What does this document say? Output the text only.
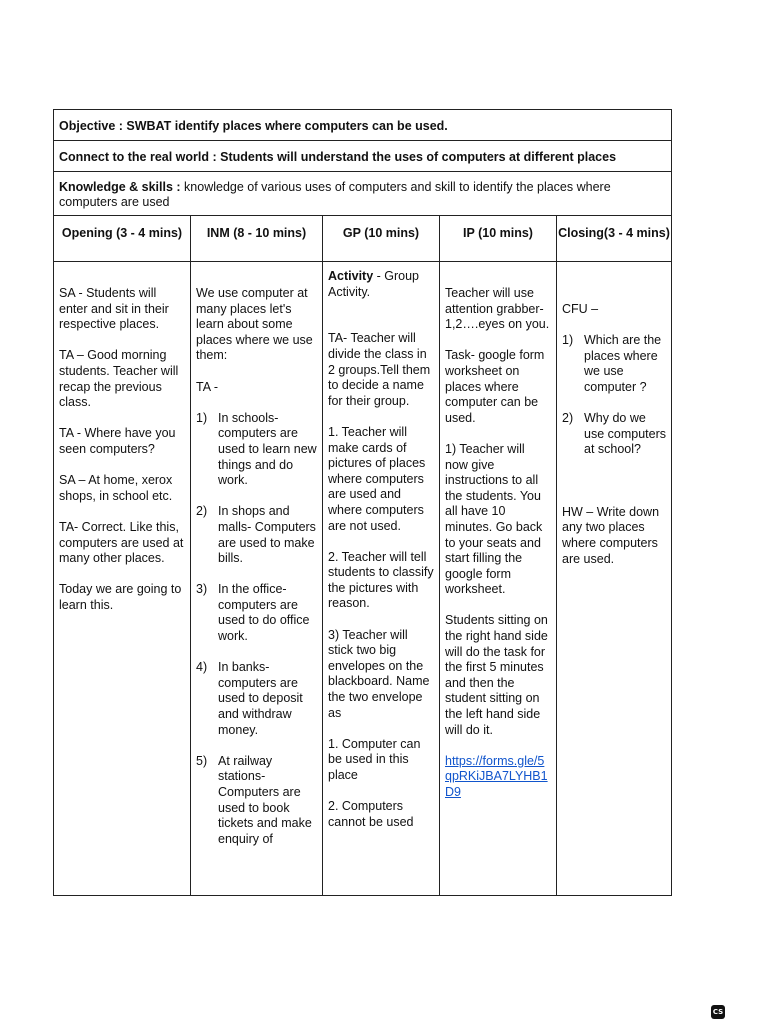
Objective : SWBAT identify places where computers can be used.
Connect to the real world : Students will understand the uses of computers at different places
Knowledge & skills : knowledge of various uses of computers and skill to identify the places where computers are used
Opening (3 - 4 mins)

SA - Students will enter and sit in their respective places.

TA – Good morning students. Teacher will recap the previous class.

TA - Where have you seen computers?

SA – At home, xerox shops, in school etc.

TA- Correct. Like this, computers are used at many other places.

Today we are going to learn this.

INM (8 - 10 mins)

We use computer at many places let's learn about some places where we use them:

TA -

1) In schools- computers are used to learn new things and do work.
2) In shops and malls- Computers are used to make bills.
3) In the office- computers are used to do office work.
4) In banks- computers are used to deposit and withdraw money.
5) At railway stations- Computers are used to book tickets and make enquiry of
GP (10 mins)

Activity - Group Activity.

TA- Teacher will divide the class in 2 groups.Tell them to decide a name for their group.

1. Teacher will make cards of pictures of places where computers are used and where computers are not used.

2. Teacher will tell students to classify the pictures with reason.

3) Teacher will stick two big envelopes on the blackboard. Name the two envelope as

1. Computer can be used in this place

2. Computers cannot be used

IP (10 mins)

Teacher will use attention grabber- 1,2….eyes on you.

Task- google form worksheet on places where computer can be used.

1) Teacher will now give instructions to all the students. You all have 10 minutes. Go back to your seats and start filling the google form worksheet.

Students sitting on the right hand side will do the task for the first 5 minutes and then the student sitting on the left hand side will do it.

https://forms.gle/5qpRKiJBA7LYHB1D9

Closing(3 - 4 mins)

CFU –

1) Which are the places where we use computer ?
2) Why do we use computers at school?

HW – Write down any two places where computers are used.

CS
